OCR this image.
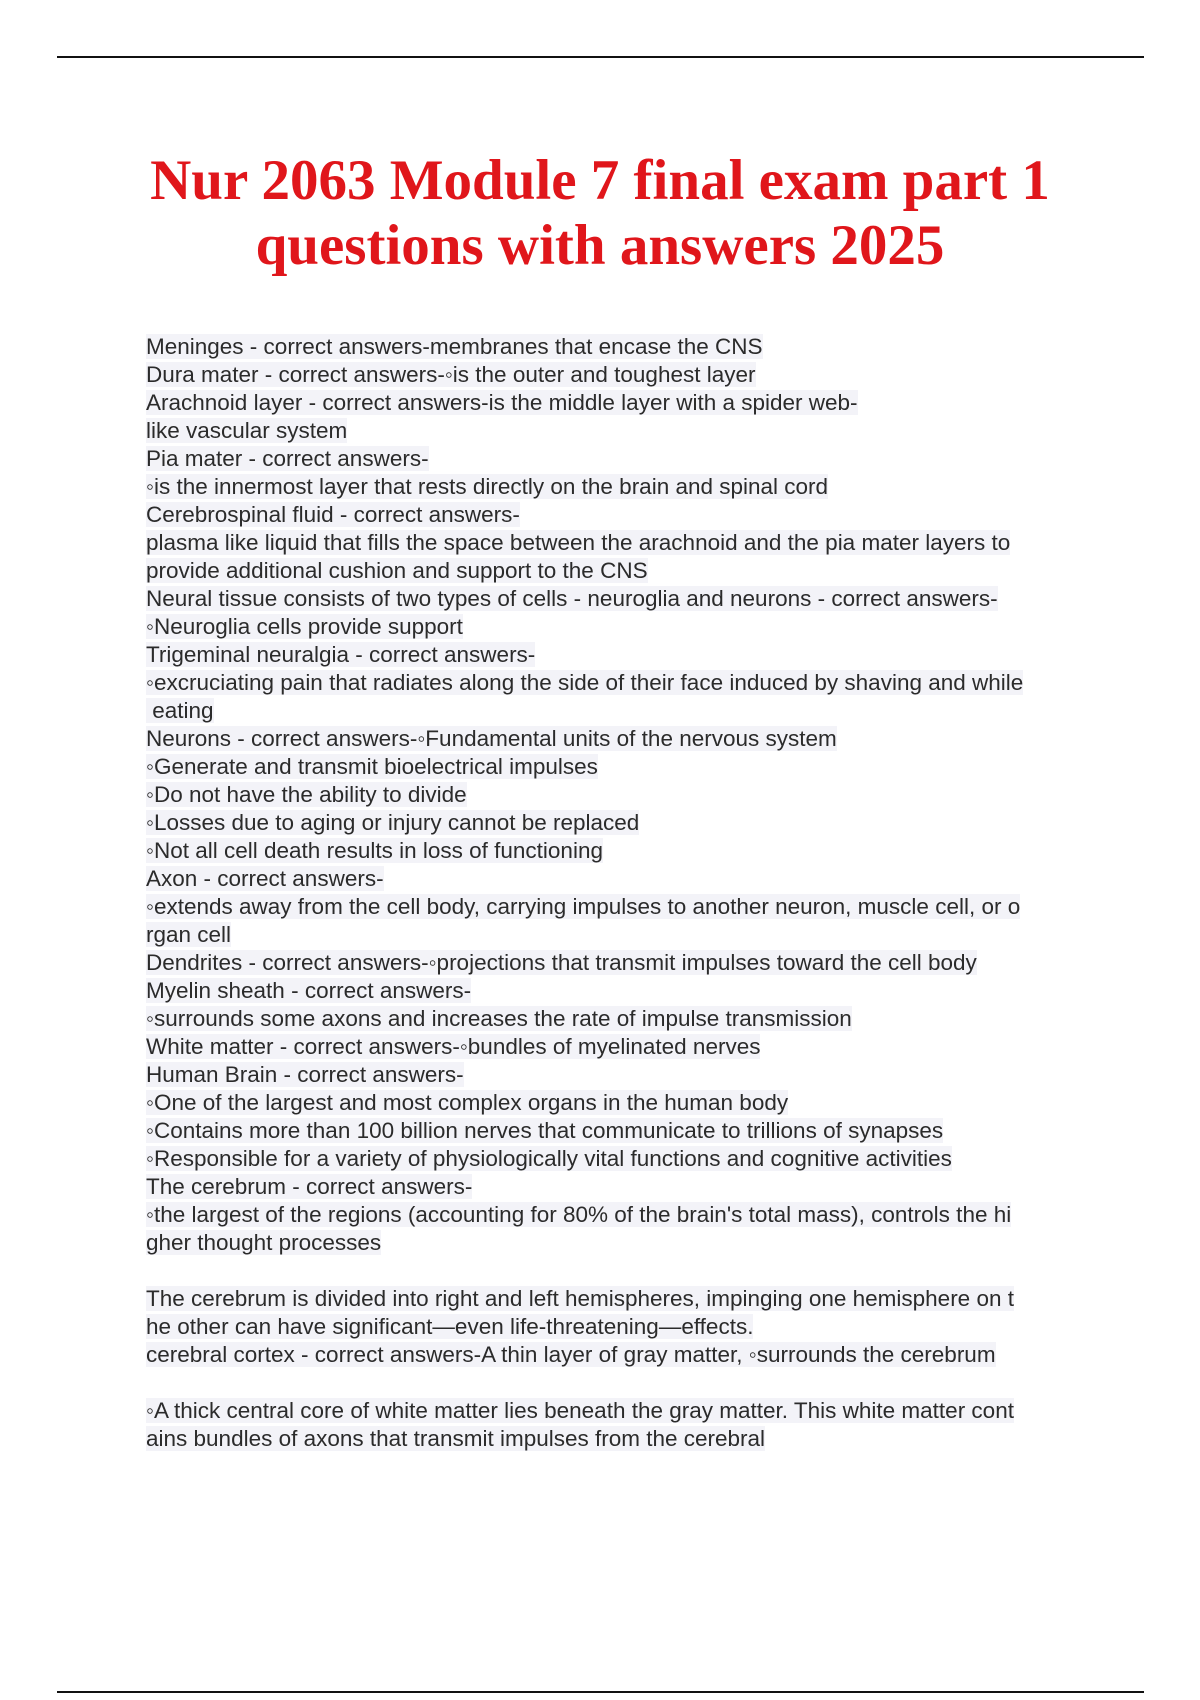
Nur 2063 Module 7 final exam part 1
questions with answers 2025
Meninges - correct answers-membranes that encase the CNS
Dura mater - correct answers-◦is the outer and toughest layer
Arachnoid layer - correct answers-is the middle layer with a spider web-
like vascular system
Pia mater - correct answers-
◦is the innermost layer that rests directly on the brain and spinal cord
Cerebrospinal fluid - correct answers-
plasma like liquid that fills the space between the arachnoid and the pia mater layers to
provide additional cushion and support to the CNS
Neural tissue consists of two types of cells - neuroglia and neurons - correct answers-
◦Neuroglia cells provide support
Trigeminal neuralgia - correct answers-
◦excruciating pain that radiates along the side of their face induced by shaving and while
eating
Neurons - correct answers-◦Fundamental units of the nervous system
◦Generate and transmit bioelectrical impulses
◦Do not have the ability to divide
◦Losses due to aging or injury cannot be replaced
◦Not all cell death results in loss of functioning
Axon - correct answers-
◦extends away from the cell body, carrying impulses to another neuron, muscle cell, or o
rgan cell
Dendrites - correct answers-◦projections that transmit impulses toward the cell body
Myelin sheath - correct answers-
◦surrounds some axons and increases the rate of impulse transmission
White matter - correct answers-◦bundles of myelinated nerves
Human Brain - correct answers-
◦One of the largest and most complex organs in the human body
◦Contains more than 100 billion nerves that communicate to trillions of synapses
◦Responsible for a variety of physiologically vital functions and cognitive activities
The cerebrum - correct answers-
◦the largest of the regions (accounting for 80% of the brain's total mass), controls the hi
gher thought processes
The cerebrum is divided into right and left hemispheres, impinging one hemisphere on t
he other can have significant—even life-threatening—effects.
cerebral cortex - correct answers-A thin layer of gray matter, ◦surrounds the cerebrum
◦A thick central core of white matter lies beneath the gray matter. This white matter cont
ains bundles of axons that transmit impulses from the cerebral
